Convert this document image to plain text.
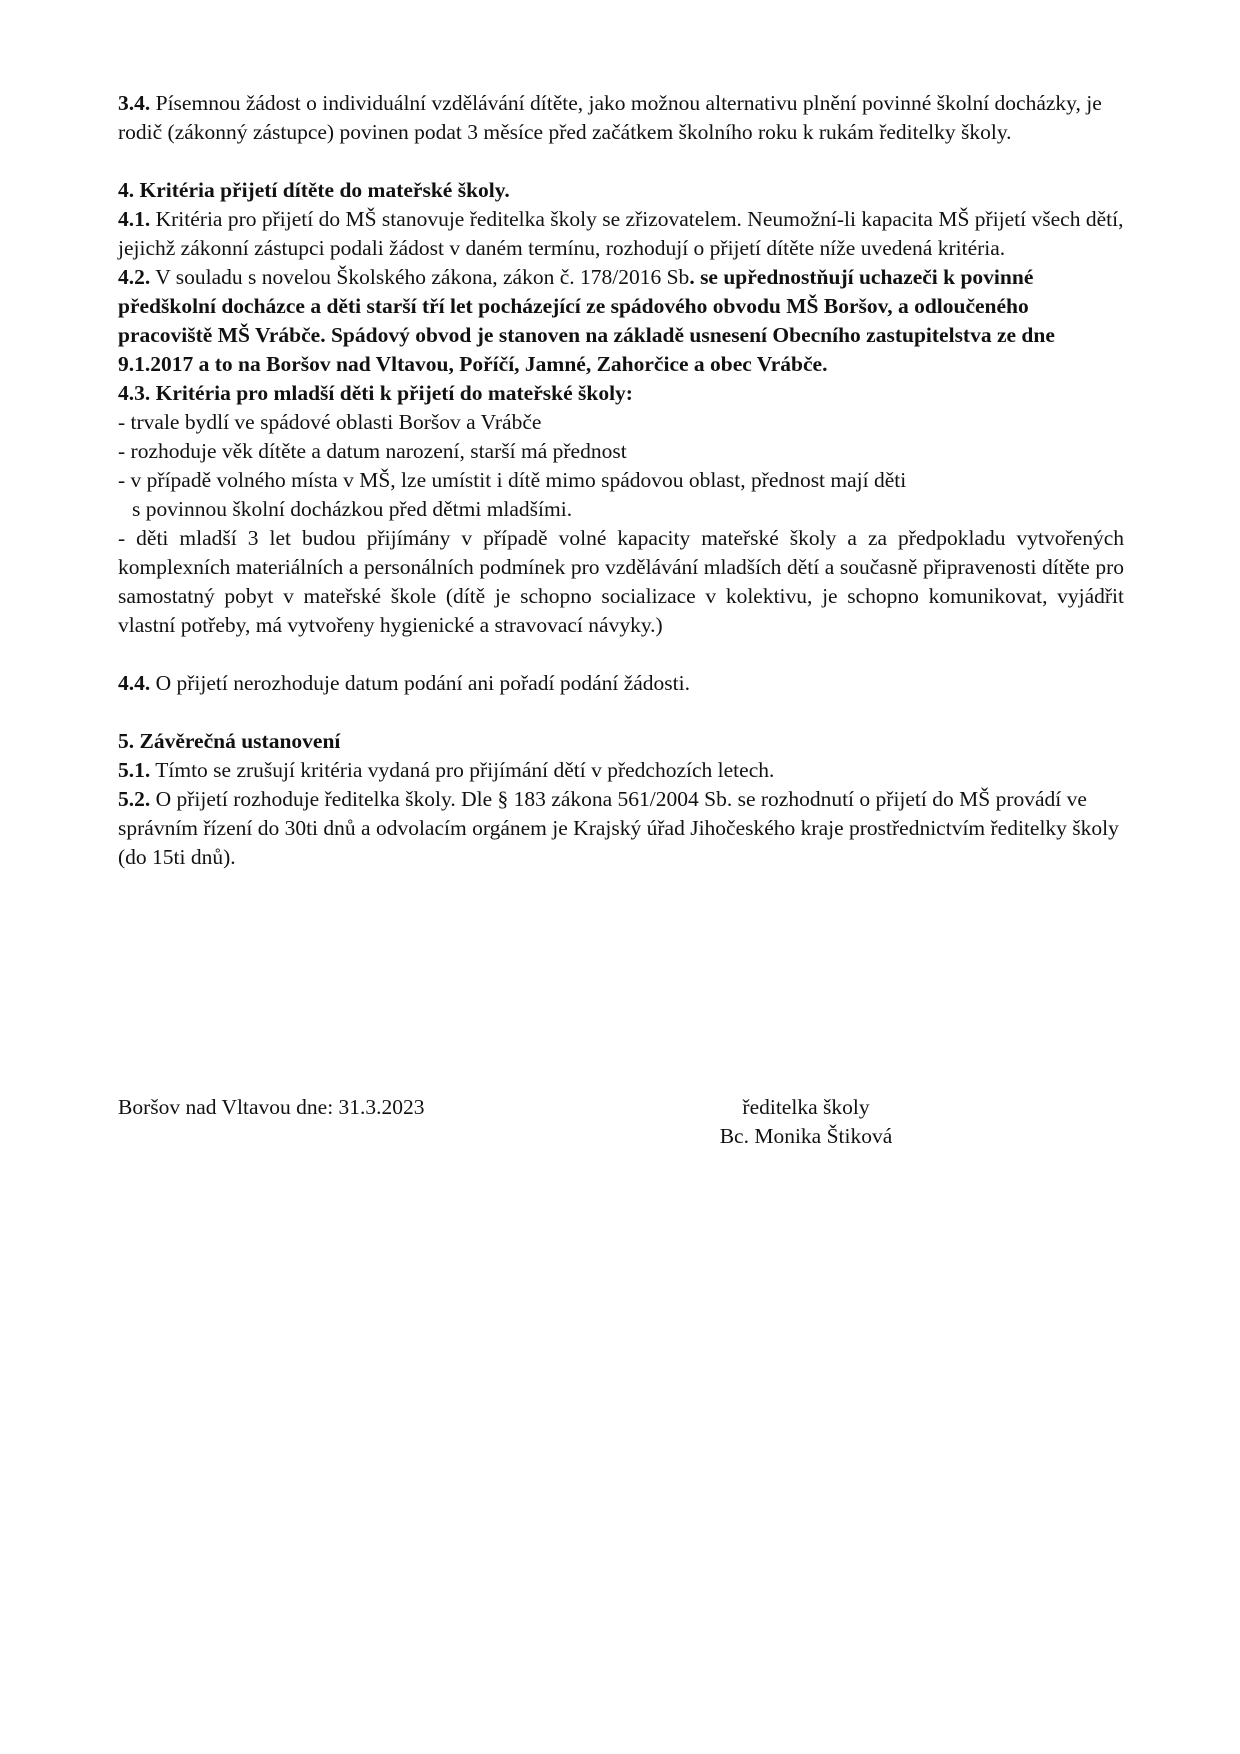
3.4. Písemnou žádost o individuální vzdělávání dítěte, jako možnou alternativu plnění povinné školní docházky, je rodič (zákonný zástupce) povinen podat 3 měsíce před začátkem školního roku k rukám ředitelky školy.

4. Kritéria přijetí dítěte do mateřské školy.

4.1. Kritéria pro přijetí do MŠ stanovuje ředitelka školy se zřizovatelem. Neumožní-li kapacita MŠ přijetí všech dětí, jejichž zákonní zástupci podali žádost v daném termínu, rozhodují o přijetí dítěte níže uvedená kritéria.

4.2. V souladu s novelou Školského zákona, zákon č. 178/2016 Sb. se upřednostňují uchazeči k povinné předškolní docházce a děti starší tří let pocházející ze spádového obvodu MŠ Boršov, a odloučeného pracoviště MŠ Vrábče. Spádový obvod je stanoven na základě usnesení Obecního zastupitelstva ze dne 9.1.2017 a to na Boršov nad Vltavou, Poříčí, Jamné, Zahorčice a obec Vrábče.

4.3. Kritéria pro mladší děti k přijetí do mateřské školy:

- trvale bydlí ve spádové oblasti Boršov a Vrábče

- rozhoduje věk dítěte a datum narození, starší má přednost

- v případě volného místa v MŠ, lze umístit i dítě mimo spádovou oblast, přednost mají děti

s povinnou školní docházkou před dětmi mladšími.

- děti mladší 3 let budou přijímány v případě volné kapacity mateřské školy a za předpokladu vytvořených komplexních materiálních a personálních podmínek pro vzdělávání mladších dětí a současně připravenosti dítěte pro samostatný pobyt v mateřské škole (dítě je schopno socializace v kolektivu, je schopno komunikovat, vyjádřit vlastní potřeby, má vytvořeny hygienické a stravovací návyky.)

4.4. O přijetí nerozhoduje datum podání ani pořadí podání žádosti.

5. Závěrečná ustanovení

5.1. Tímto se zrušují kritéria vydaná pro přijímání dětí v předchozích letech.

5.2. O přijetí rozhoduje ředitelka školy. Dle § 183 zákona 561/2004 Sb. se rozhodnutí o přijetí do MŠ provádí ve správním řízení do 30ti dnů a odvolacím orgánem je Krajský úřad Jihočeského kraje prostřednictvím ředitelky školy (do 15ti dnů).

Boršov nad Vltavou dne: 31.3.2023	ředitelka školy
Bc. Monika Štiková
